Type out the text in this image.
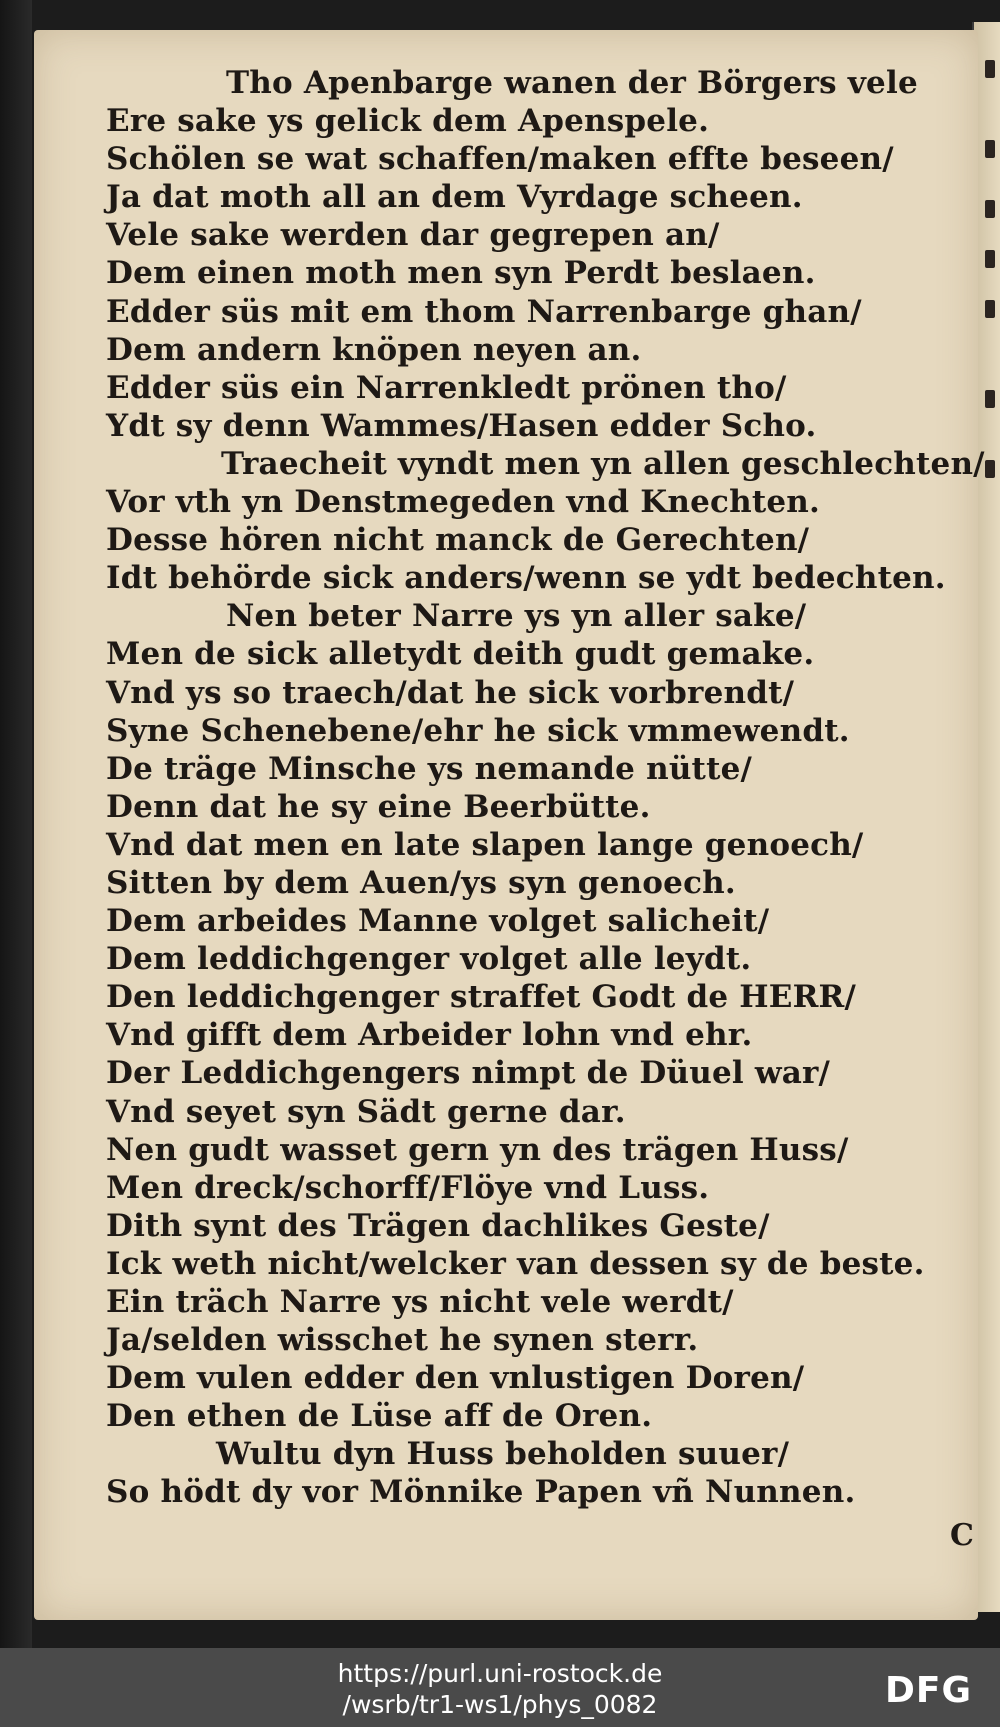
Tho Apenbarge wanen der Börgers vele
Ere sake ys gelick dem Apenspele.
Schölen se wat schaffen/maken effte beseen/
Ja dat moth all an dem Vyrdage scheen.
Vele sake werden dar gegrepen an/
Dem einen moth men syn Perdt beslaen.
Edder süs mit em thom Narrenbarge ghan/
Dem andern knöpen neyen an.
Edder süs ein Narrenkledt prönen tho/
Ydt sy denn Wammes/Hasen edder Scho.
Traecheit vyndt men yn allen geschlechten/
Vor vth yn Denstmegeden vnd Knechten.
Desse hören nicht manck de Gerechten/
Idt behörde sick anders/wenn se ydt bedechten.
Nen beter Narre ys yn aller sake/
Men de sick alletydt deith gudt gemake.
Vnd ys so traech/dat he sick vorbrendt/
Syne Schenebene/ehr he sick vmmewendt.
De träge Minsche ys nemande nütte/
Denn dat he sy eine Beerbütte.
Vnd dat men en late slapen lange genoech/
Sitten by dem Auen/ys syn genoech.
Dem arbeides Manne volget salicheit/
Dem leddichgenger volget alle leydt.
Den leddichgenger straffet Godt de HERR/
Vnd gifft dem Arbeider lohn vnd ehr.
Der Leddichgengers nimpt de Düuel war/
Vnd seyet syn Sädt gerne dar.
Nen gudt wasset gern yn des trägen Huss/
Men dreck/schorff/Flöye vnd Luss.
Dith synt des Trägen dachlikes Geste/
Ick weth nicht/welcker van dessen sy de beste.
Ein träch Narre ys nicht vele werdt/
Ja/selden wisschet he synen sterr.
Dem vulen edder den vnlustigen Doren/
Den ethen de Lüse aff de Oren.
Wultu dyn Huss beholden suuer/
So hödt dy vor Mönnike Papen vñ Nunnen.
C
https://purl.uni-rostock.de
/wsrb/tr1-ws1/phys_0082	DFG
